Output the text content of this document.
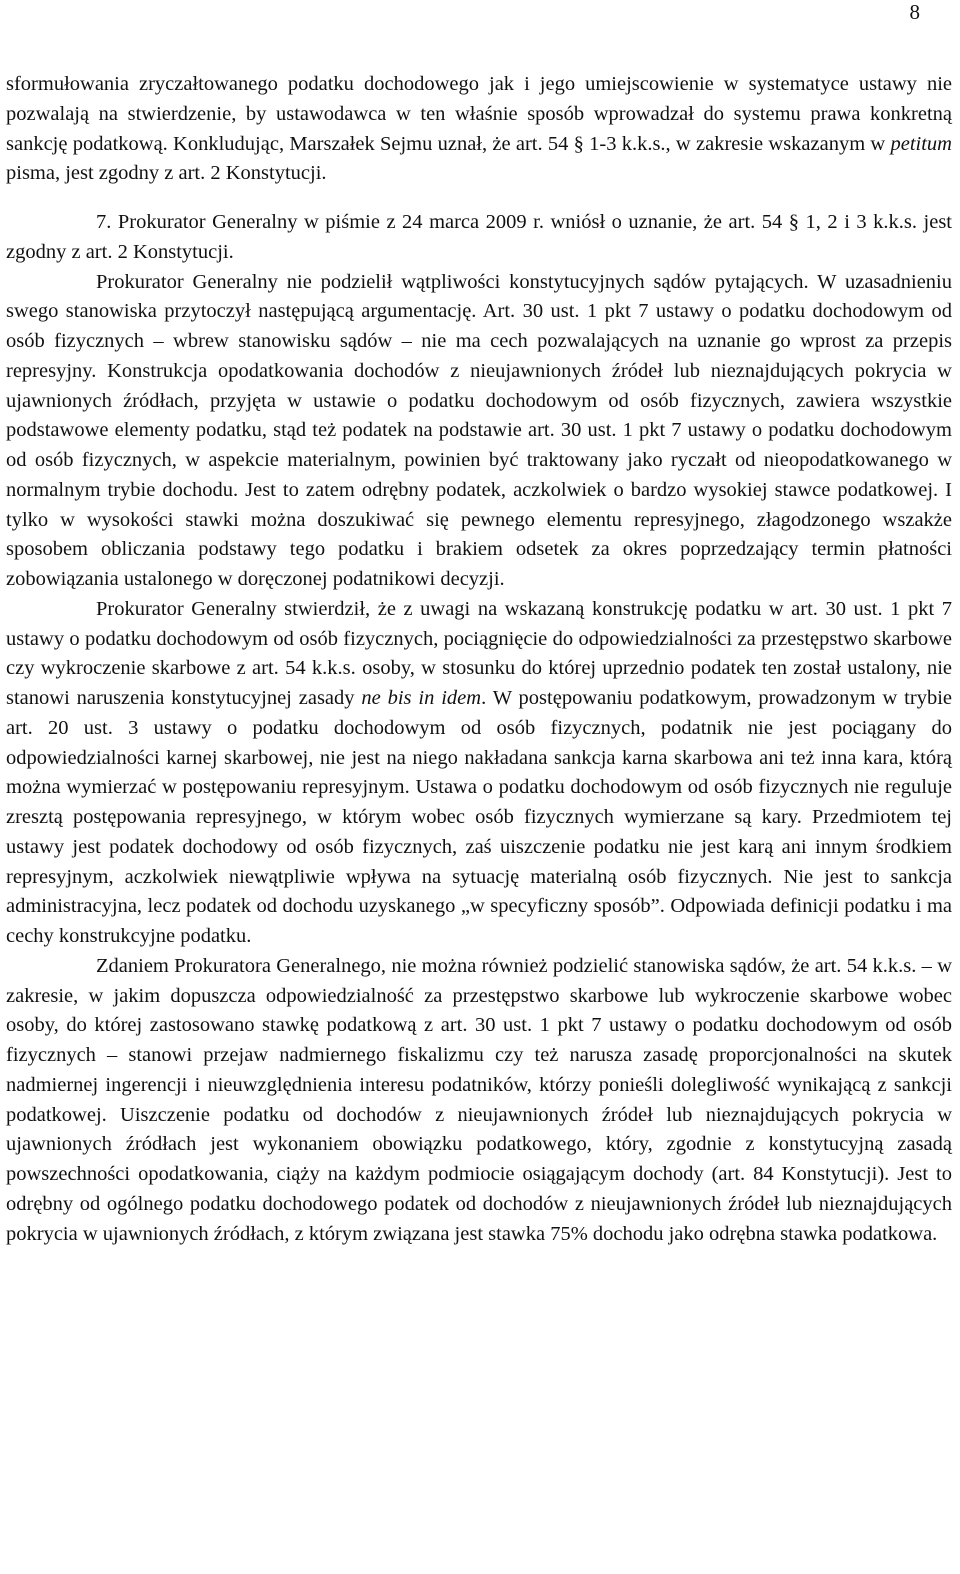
8

sformułowania zryczałtowanego podatku dochodowego jak i jego umiejscowienie w systematyce ustawy nie pozwalają na stwierdzenie, by ustawodawca w ten właśnie sposób wprowadzał do systemu prawa konkretną sankcję podatkową. Konkludując, Marszałek Sejmu uznał, że art. 54 § 1-3 k.k.s., w zakresie wskazanym w petitum pisma, jest zgodny z art. 2 Konstytucji.

7. Prokurator Generalny w piśmie z 24 marca 2009 r. wniósł o uznanie, że art. 54 § 1, 2 i 3 k.k.s. jest zgodny z art. 2 Konstytucji.

Prokurator Generalny nie podzielił wątpliwości konstytucyjnych sądów pytających. W uzasadnieniu swego stanowiska przytoczył następującą argumentację. Art. 30 ust. 1 pkt 7 ustawy o podatku dochodowym od osób fizycznych – wbrew stanowisku sądów – nie ma cech pozwalających na uznanie go wprost za przepis represyjny. Konstrukcja opodatkowania dochodów z nieujawnionych źródeł lub nieznajdujących pokrycia w ujawnionych źródłach, przyjęta w ustawie o podatku dochodowym od osób fizycznych, zawiera wszystkie podstawowe elementy podatku, stąd też podatek na podstawie art. 30 ust. 1 pkt 7 ustawy o podatku dochodowym od osób fizycznych, w aspekcie materialnym, powinien być traktowany jako ryczałt od nieopodatkowanego w normalnym trybie dochodu. Jest to zatem odrębny podatek, aczkolwiek o bardzo wysokiej stawce podatkowej. I tylko w wysokości stawki można doszukiwać się pewnego elementu represyjnego, złagodzonego wszakże sposobem obliczania podstawy tego podatku i brakiem odsetek za okres poprzedzający termin płatności zobowiązania ustalonego w doręczonej podatnikowi decyzji.

Prokurator Generalny stwierdził, że z uwagi na wskazaną konstrukcję podatku w art. 30 ust. 1 pkt 7 ustawy o podatku dochodowym od osób fizycznych, pociągnięcie do odpowiedzialności za przestępstwo skarbowe czy wykroczenie skarbowe z art. 54 k.k.s. osoby, w stosunku do której uprzednio podatek ten został ustalony, nie stanowi naruszenia konstytucyjnej zasady ne bis in idem. W postępowaniu podatkowym, prowadzonym w trybie art. 20 ust. 3 ustawy o podatku dochodowym od osób fizycznych, podatnik nie jest pociągany do odpowiedzialności karnej skarbowej, nie jest na niego nakładana sankcja karna skarbowa ani też inna kara, którą można wymierzać w postępowaniu represyjnym. Ustawa o podatku dochodowym od osób fizycznych nie reguluje zresztą postępowania represyjnego, w którym wobec osób fizycznych wymierzane są kary. Przedmiotem tej ustawy jest podatek dochodowy od osób fizycznych, zaś uiszczenie podatku nie jest karą ani innym środkiem represyjnym, aczkolwiek niewątpliwie wpływa na sytuację materialną osób fizycznych. Nie jest to sankcja administracyjna, lecz podatek od dochodu uzyskanego „w specyficzny sposób”. Odpowiada definicji podatku i ma cechy konstrukcyjne podatku.

Zdaniem Prokuratora Generalnego, nie można również podzielić stanowiska sądów, że art. 54 k.k.s. – w zakresie, w jakim dopuszcza odpowiedzialność za przestępstwo skarbowe lub wykroczenie skarbowe wobec osoby, do której zastosowano stawkę podatkową z art. 30 ust. 1 pkt 7 ustawy o podatku dochodowym od osób fizycznych – stanowi przejaw nadmiernego fiskalizmu czy też narusza zasadę proporcjonalności na skutek nadmiernej ingerencji i nieuwzględnienia interesu podatników, którzy ponieśli dolegliwość wynikającą z sankcji podatkowej. Uiszczenie podatku od dochodów z nieujawnionych źródeł lub nieznajdujących pokrycia w ujawnionych źródłach jest wykonaniem obowiązku podatkowego, który, zgodnie z konstytucyjną zasadą powszechności opodatkowania, ciąży na każdym podmiocie osiągającym dochody (art. 84 Konstytucji). Jest to odrębny od ogólnego podatku dochodowego podatek od dochodów z nieujawnionych źródeł lub nieznajdujących pokrycia w ujawnionych źródłach, z którym związana jest stawka 75% dochodu jako odrębna stawka podatkowa.
